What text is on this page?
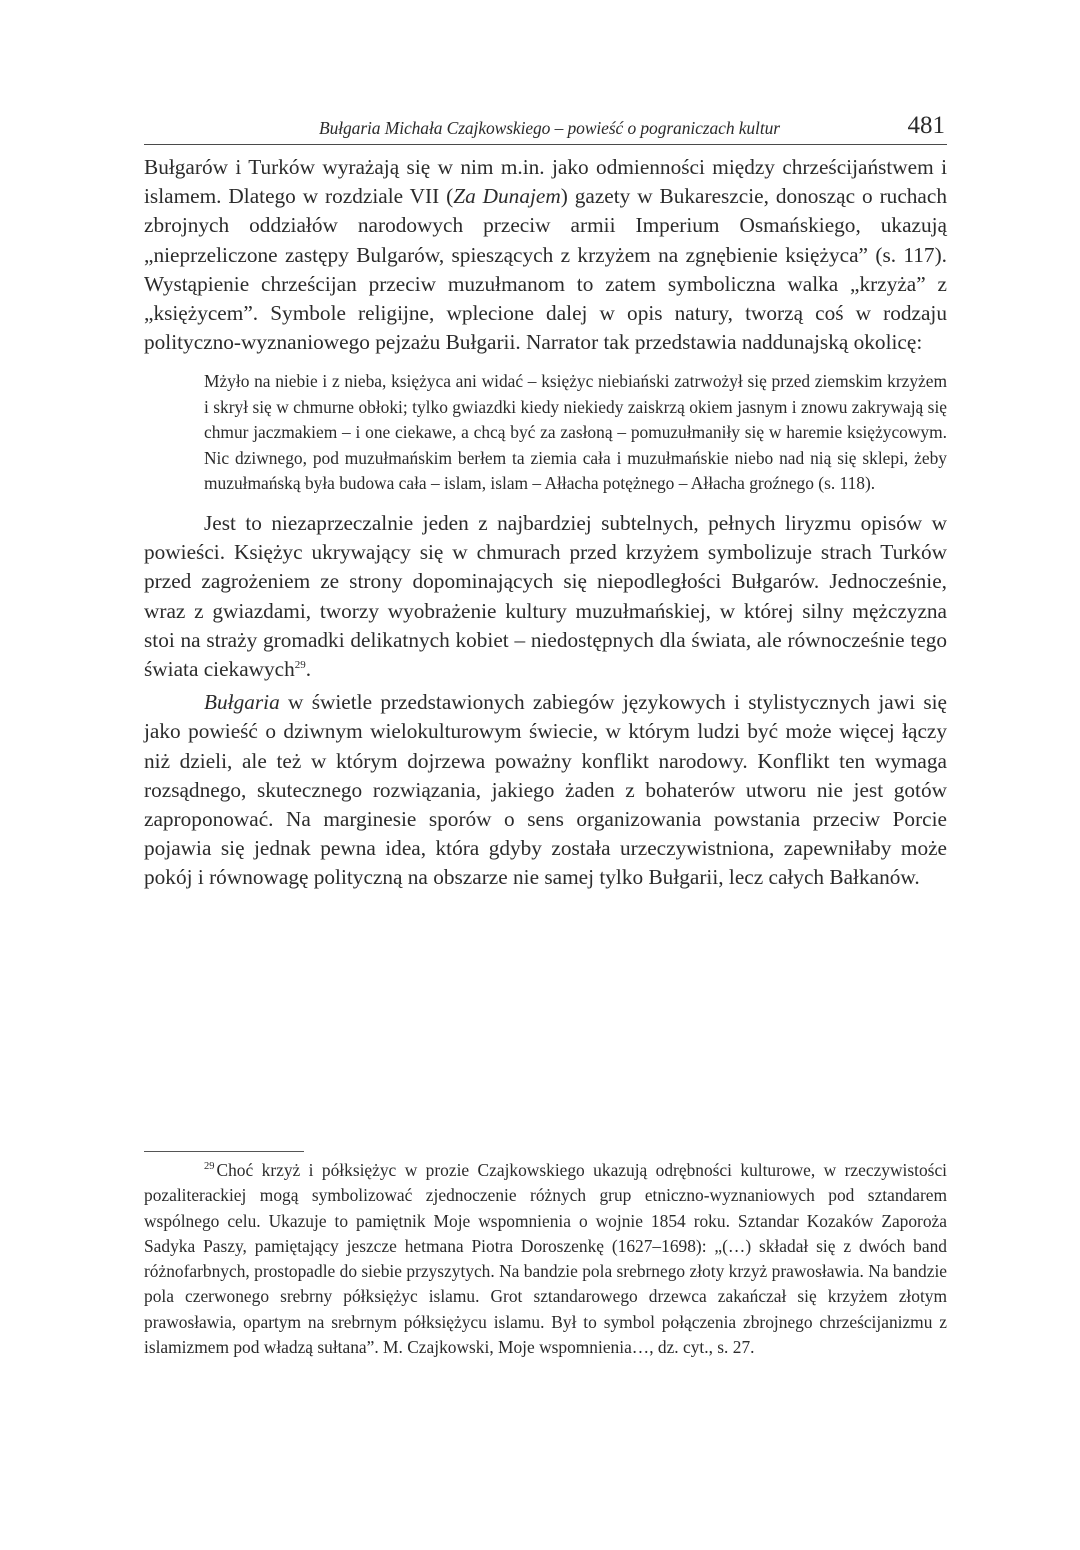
Bułgaria Michała Czajkowskiego – powieść o pograniczach kultur	481

Bułgarów i Turków wyrażają się w nim m.in. jako odmienności między chrześcijaństwem i islamem. Dlatego w rozdziale VII (Za Dunajem) gazety w Bukareszcie, donosząc o ruchach zbrojnych oddziałów narodowych przeciw armii Imperium Osmańskiego, ukazują „nieprzeliczone zastępy Bulgarów, spieszących z krzyżem na zgnębienie księżyca” (s. 117). Wystąpienie chrześcijan przeciw muzułmanom to zatem symboliczna walka „krzyża” z „księżycem”. Symbole religijne, wplecione dalej w opis natury, tworzą coś w rodzaju polityczno-wyznaniowego pejzażu Bułgarii. Narrator tak przedstawia naddunajską okolicę:

Mżyło na niebie i z nieba, księżyca ani widać – księżyc niebiański zatrwożył się przed ziemskim krzyżem i skrył się w chmurne obłoki; tylko gwiazdki kiedy niekiedy zaiskrzą okiem jasnym i znowu zakrywają się chmur jaczmakiem – i one ciekawe, a chcą być za zasłoną – pomuzułmaniły się w haremie księżycowym. Nic dziwnego, pod muzułmańskim berłem ta ziemia cała i muzułmańskie niebo nad nią się sklepi, żeby muzułmańską była budowa cała – islam, islam – Ałłacha potężnego – Ałłacha groźnego (s. 118).

Jest to niezaprzeczalnie jeden z najbardziej subtelnych, pełnych liryzmu opisów w powieści. Księżyc ukrywający się w chmurach przed krzyżem symbolizuje strach Turków przed zagrożeniem ze strony dopominających się niepodległości Bułgarów. Jednocześnie, wraz z gwiazdami, tworzy wyobrażenie kultury muzułmańskiej, w której silny mężczyzna stoi na straży gromadki delikatnych kobiet – niedostępnych dla świata, ale równocześnie tego świata ciekawych$^{29}$.

Bułgaria w świetle przedstawionych zabiegów językowych i stylistycznych jawi się jako powieść o dziwnym wielokulturowym świecie, w którym ludzi być może więcej łączy niż dzieli, ale też w którym dojrzewa poważny konflikt narodowy. Konflikt ten wymaga rozsądnego, skutecznego rozwiązania, jakiego żaden z bohaterów utworu nie jest gotów zaproponować. Na marginesie sporów o sens organizowania powstania przeciw Porcie pojawia się jednak pewna idea, która gdyby została urzeczywistniona, zapewniłaby może pokój i równowagę polityczną na obszarze nie samej tylko Bułgarii, lecz całych Bałkanów.

$^{29}$ Choć krzyż i półksiężyc w prozie Czajkowskiego ukazują odrębności kulturowe, w rzeczywistości pozaliterackiej mogą symbolizować zjednoczenie różnych grup etniczno-wyznaniowych pod sztandarem wspólnego celu. Ukazuje to pamiętnik Moje wspomnienia o wojnie 1854 roku. Sztandar Kozaków Zaporoża Sadyka Paszy, pamiętający jeszcze hetmana Piotra Doroszenkę (1627–1698): „(…) składał się z dwóch band różnofarbnych, prostopadle do siebie przyszytych. Na bandzie pola srebrnego złoty krzyż prawosławia. Na bandzie pola czerwonego srebrny półksiężyc islamu. Grot sztandarowego drzewca zakańczał się krzyżem złotym prawosławia, opartym na srebrnym półksiężycu islamu. Był to symbol połączenia zbrojnego chrześcijanizmu z islamizmem pod władzą sułtana”. M. Czajkowski, Moje wspomnienia…, dz. cyt., s. 27.
